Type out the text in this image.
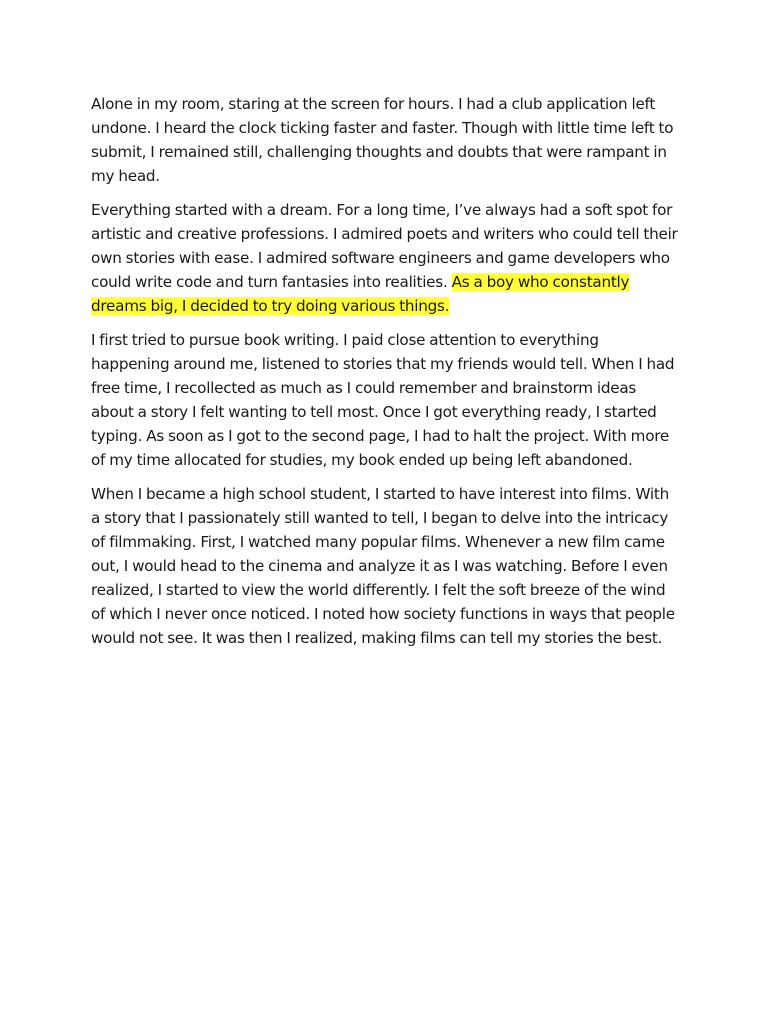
Alone in my room, staring at the screen for hours. I had a club application left undone. I heard the clock ticking faster and faster. Though with little time left to submit, I remained still, challenging thoughts and doubts that were rampant in my head.

Everything started with a dream. For a long time, I’ve always had a soft spot for artistic and creative professions. I admired poets and writers who could tell their own stories with ease. I admired software engineers and game developers who could write code and turn fantasies into realities. As a boy who constantly dreams big, I decided to try doing various things.

I first tried to pursue book writing. I paid close attention to everything happening around me, listened to stories that my friends would tell. When I had free time, I recollected as much as I could remember and brainstorm ideas about a story I felt wanting to tell most. Once I got everything ready, I started typing. As soon as I got to the second page, I had to halt the project. With more of my time allocated for studies, my book ended up being left abandoned.

When I became a high school student, I started to have interest into films. With a story that I passionately still wanted to tell, I began to delve into the intricacy of filmmaking. First, I watched many popular films. Whenever a new film came out, I would head to the cinema and analyze it as I was watching. Before I even realized, I started to view the world differently. I felt the soft breeze of the wind of which I never once noticed. I noted how society functions in ways that people would not see. It was then I realized, making films can tell my stories the best.
